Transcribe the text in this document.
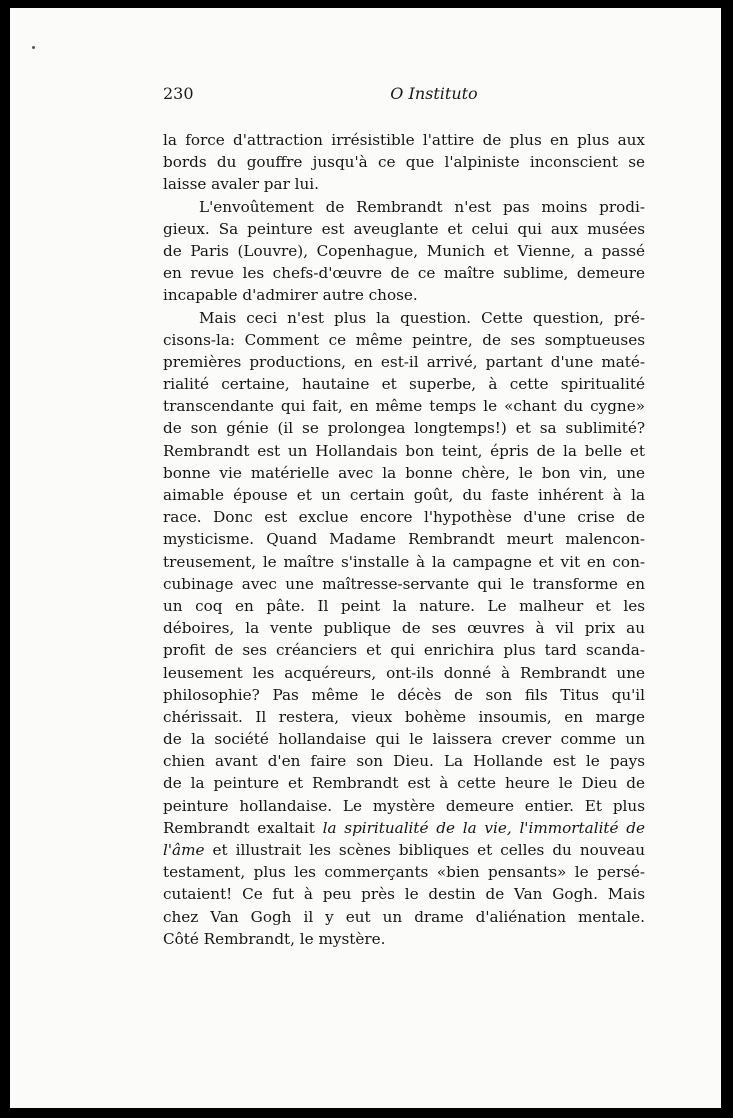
230	O Instituto
la force d'attraction irrésistible l'attire de plus en plus aux
bords du gouffre jusqu'à ce que l'alpiniste inconscient se
laisse avaler par lui.
L'envoûtement de Rembrandt n'est pas moins prodi-
gieux. Sa peinture est aveuglante et celui qui aux musées
de Paris (Louvre), Copenhague, Munich et Vienne, a passé
en revue les chefs-d'œuvre de ce maître sublime, demeure
incapable d'admirer autre chose.
Mais ceci n'est plus la question. Cette question, pré-
cisons-la: Comment ce même peintre, de ses somptueuses
premières productions, en est-il arrivé, partant d'une maté-
rialité certaine, hautaine et superbe, à cette spiritualité
transcendante qui fait, en même temps le «chant du cygne»
de son génie (il se prolongea longtemps!) et sa sublimité?
Rembrandt est un Hollandais bon teint, épris de la belle et
bonne vie matérielle avec la bonne chère, le bon vin, une
aimable épouse et un certain goût, du faste inhérent à la
race. Donc est exclue encore l'hypothèse d'une crise de
mysticisme. Quand Madame Rembrandt meurt malencon-
treusement, le maître s'installe à la campagne et vit en con-
cubinage avec une maîtresse-servante qui le transforme en
un coq en pâte. Il peint la nature. Le malheur et les
déboires, la vente publique de ses œuvres à vil prix au
profit de ses créanciers et qui enrichira plus tard scanda-
leusement les acquéreurs, ont-ils donné à Rembrandt une
philosophie? Pas même le décès de son fils Titus qu'il
chérissait. Il restera, vieux bohème insoumis, en marge
de la société hollandaise qui le laissera crever comme un
chien avant d'en faire son Dieu. La Hollande est le pays
de la peinture et Rembrandt est à cette heure le Dieu de
peinture hollandaise. Le mystère demeure entier. Et plus
Rembrandt exaltait la spiritualité de la vie, l'immortalité de
l'âme et illustrait les scènes bibliques et celles du nouveau
testament, plus les commerçants «bien pensants» le persé-
cutaient! Ce fut à peu près le destin de Van Gogh. Mais
chez Van Gogh il y eut un drame d'aliénation mentale.
Côté Rembrandt, le mystère.
